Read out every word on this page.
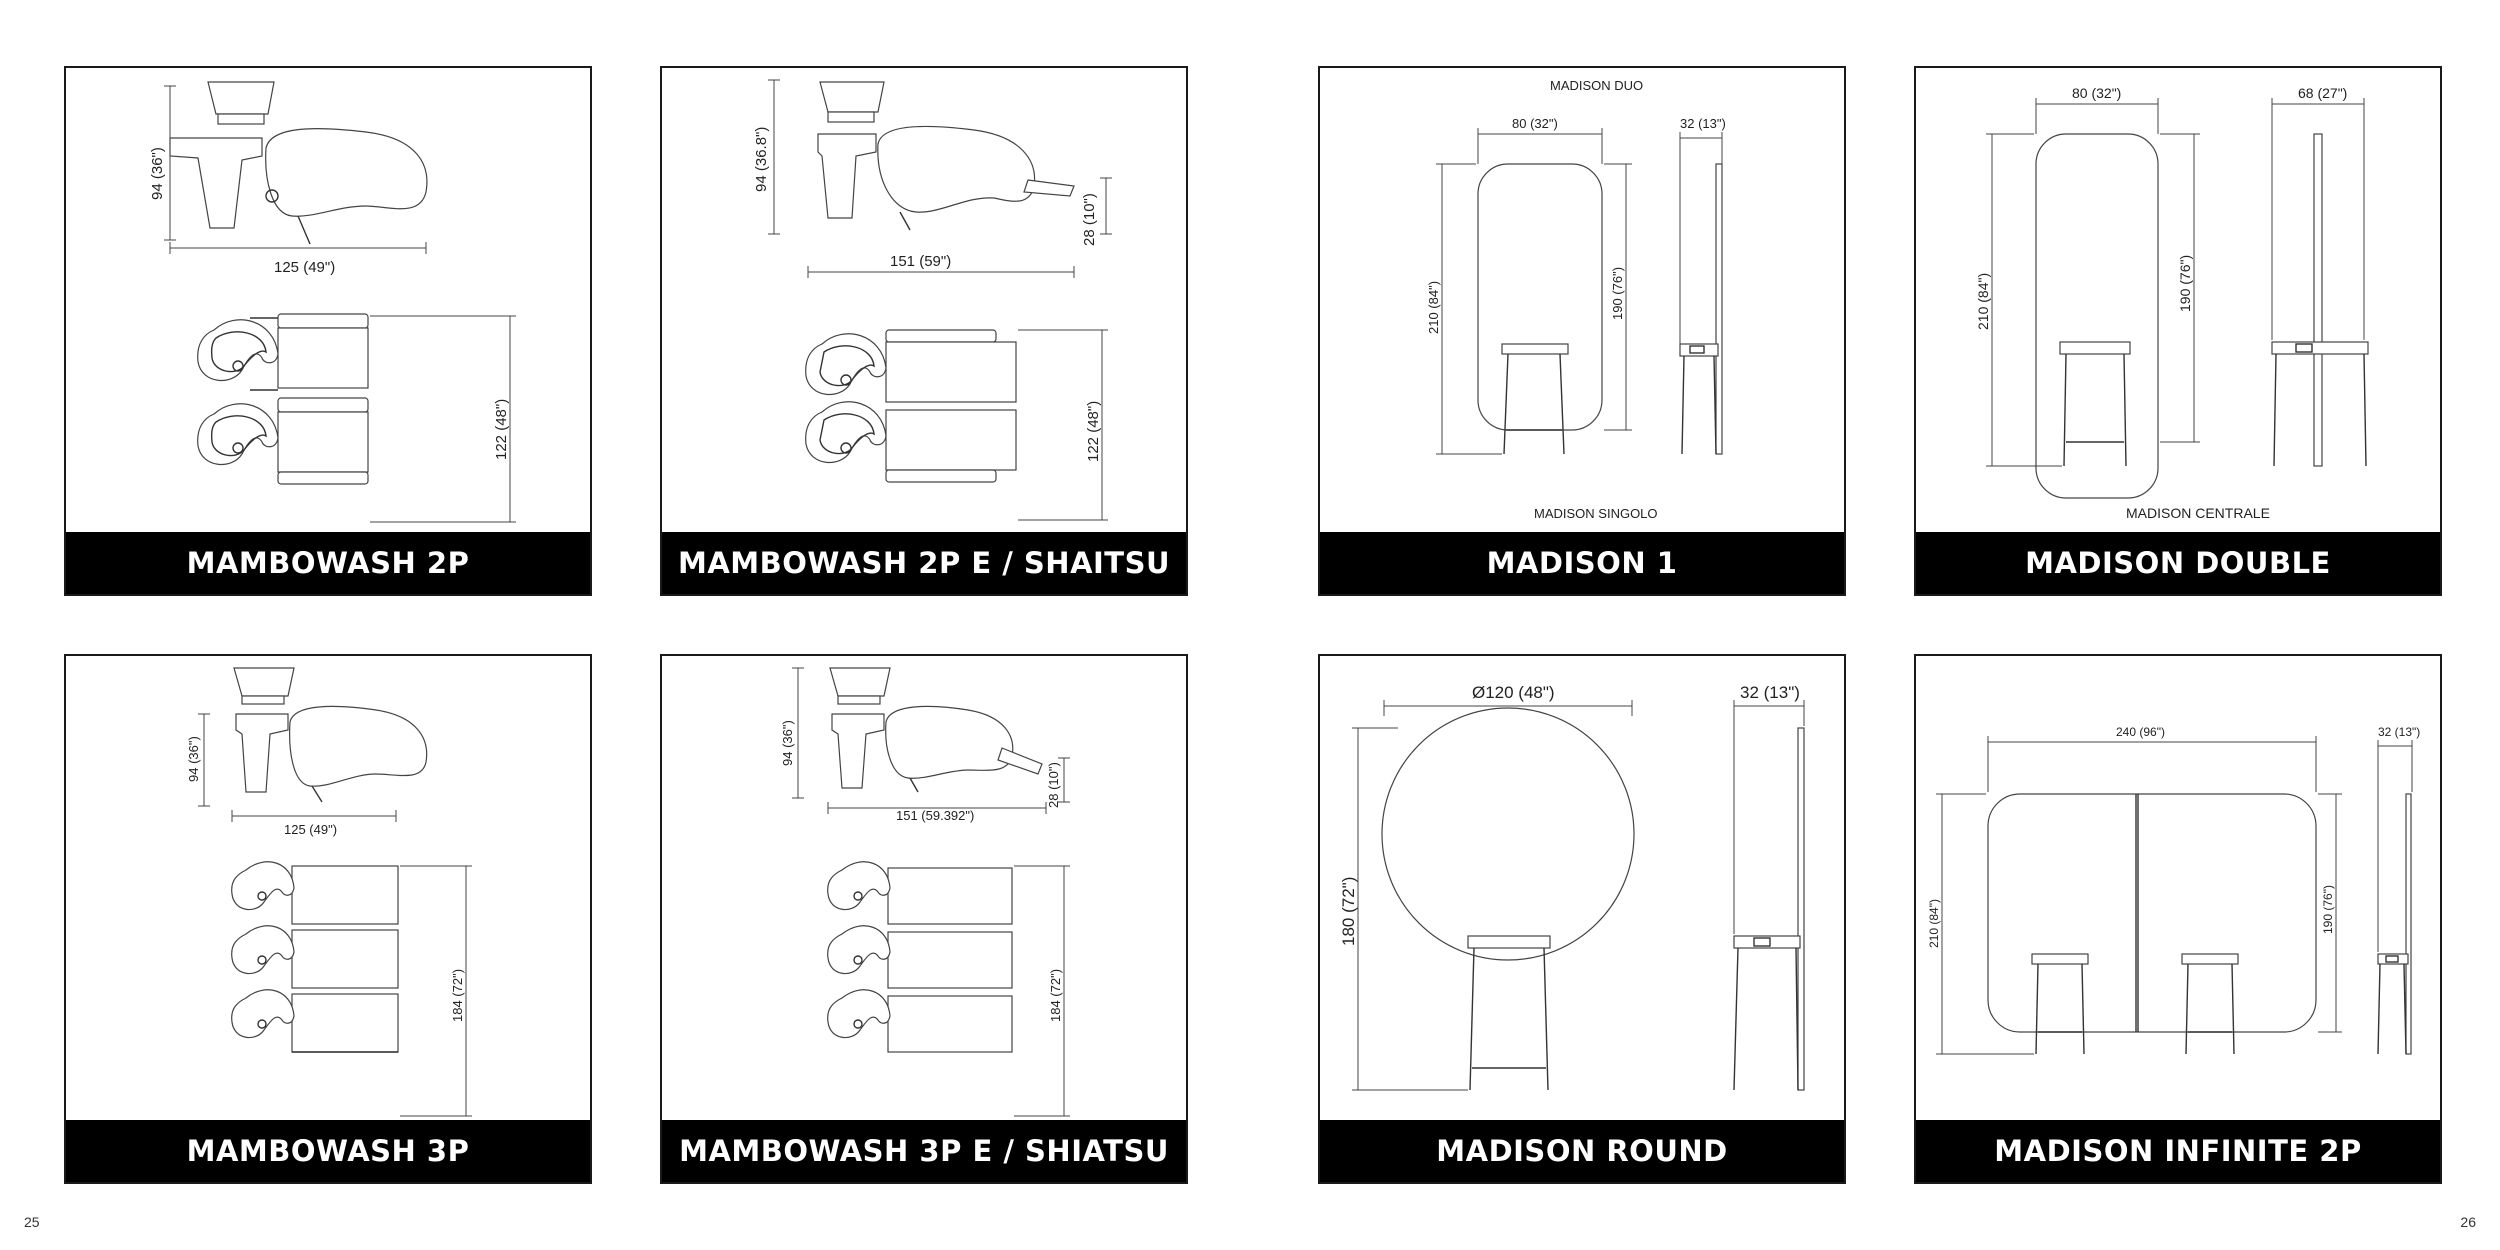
94 (36")
125 (49")
122 (48")
MAMBOWASH 2P
94 (36.8")
28 (10")
151 (59")
122 (48")
MAMBOWASH 2P E / SHAITSU
MADISON DUO
MADISON SINGOLO
80 (32")
210 (84")	190 (76")
32 (13")
MADISON 1
MADISON CENTRALE
80 (32")
210 (84")	190 (76")
68 (27")
MADISON DOUBLE
94 (36")
125 (49")
184 (72")
MAMBOWASH 3P
94 (36")
28 (10")
151 (59.392")
184 (72")
MAMBOWASH 3P E / SHIATSU
Ø120 (48")
180 (72")
32 (13")
MADISON ROUND
240 (96")
210 (84")	190 (76")
32 (13")
MADISON INFINITE 2P
25	26
